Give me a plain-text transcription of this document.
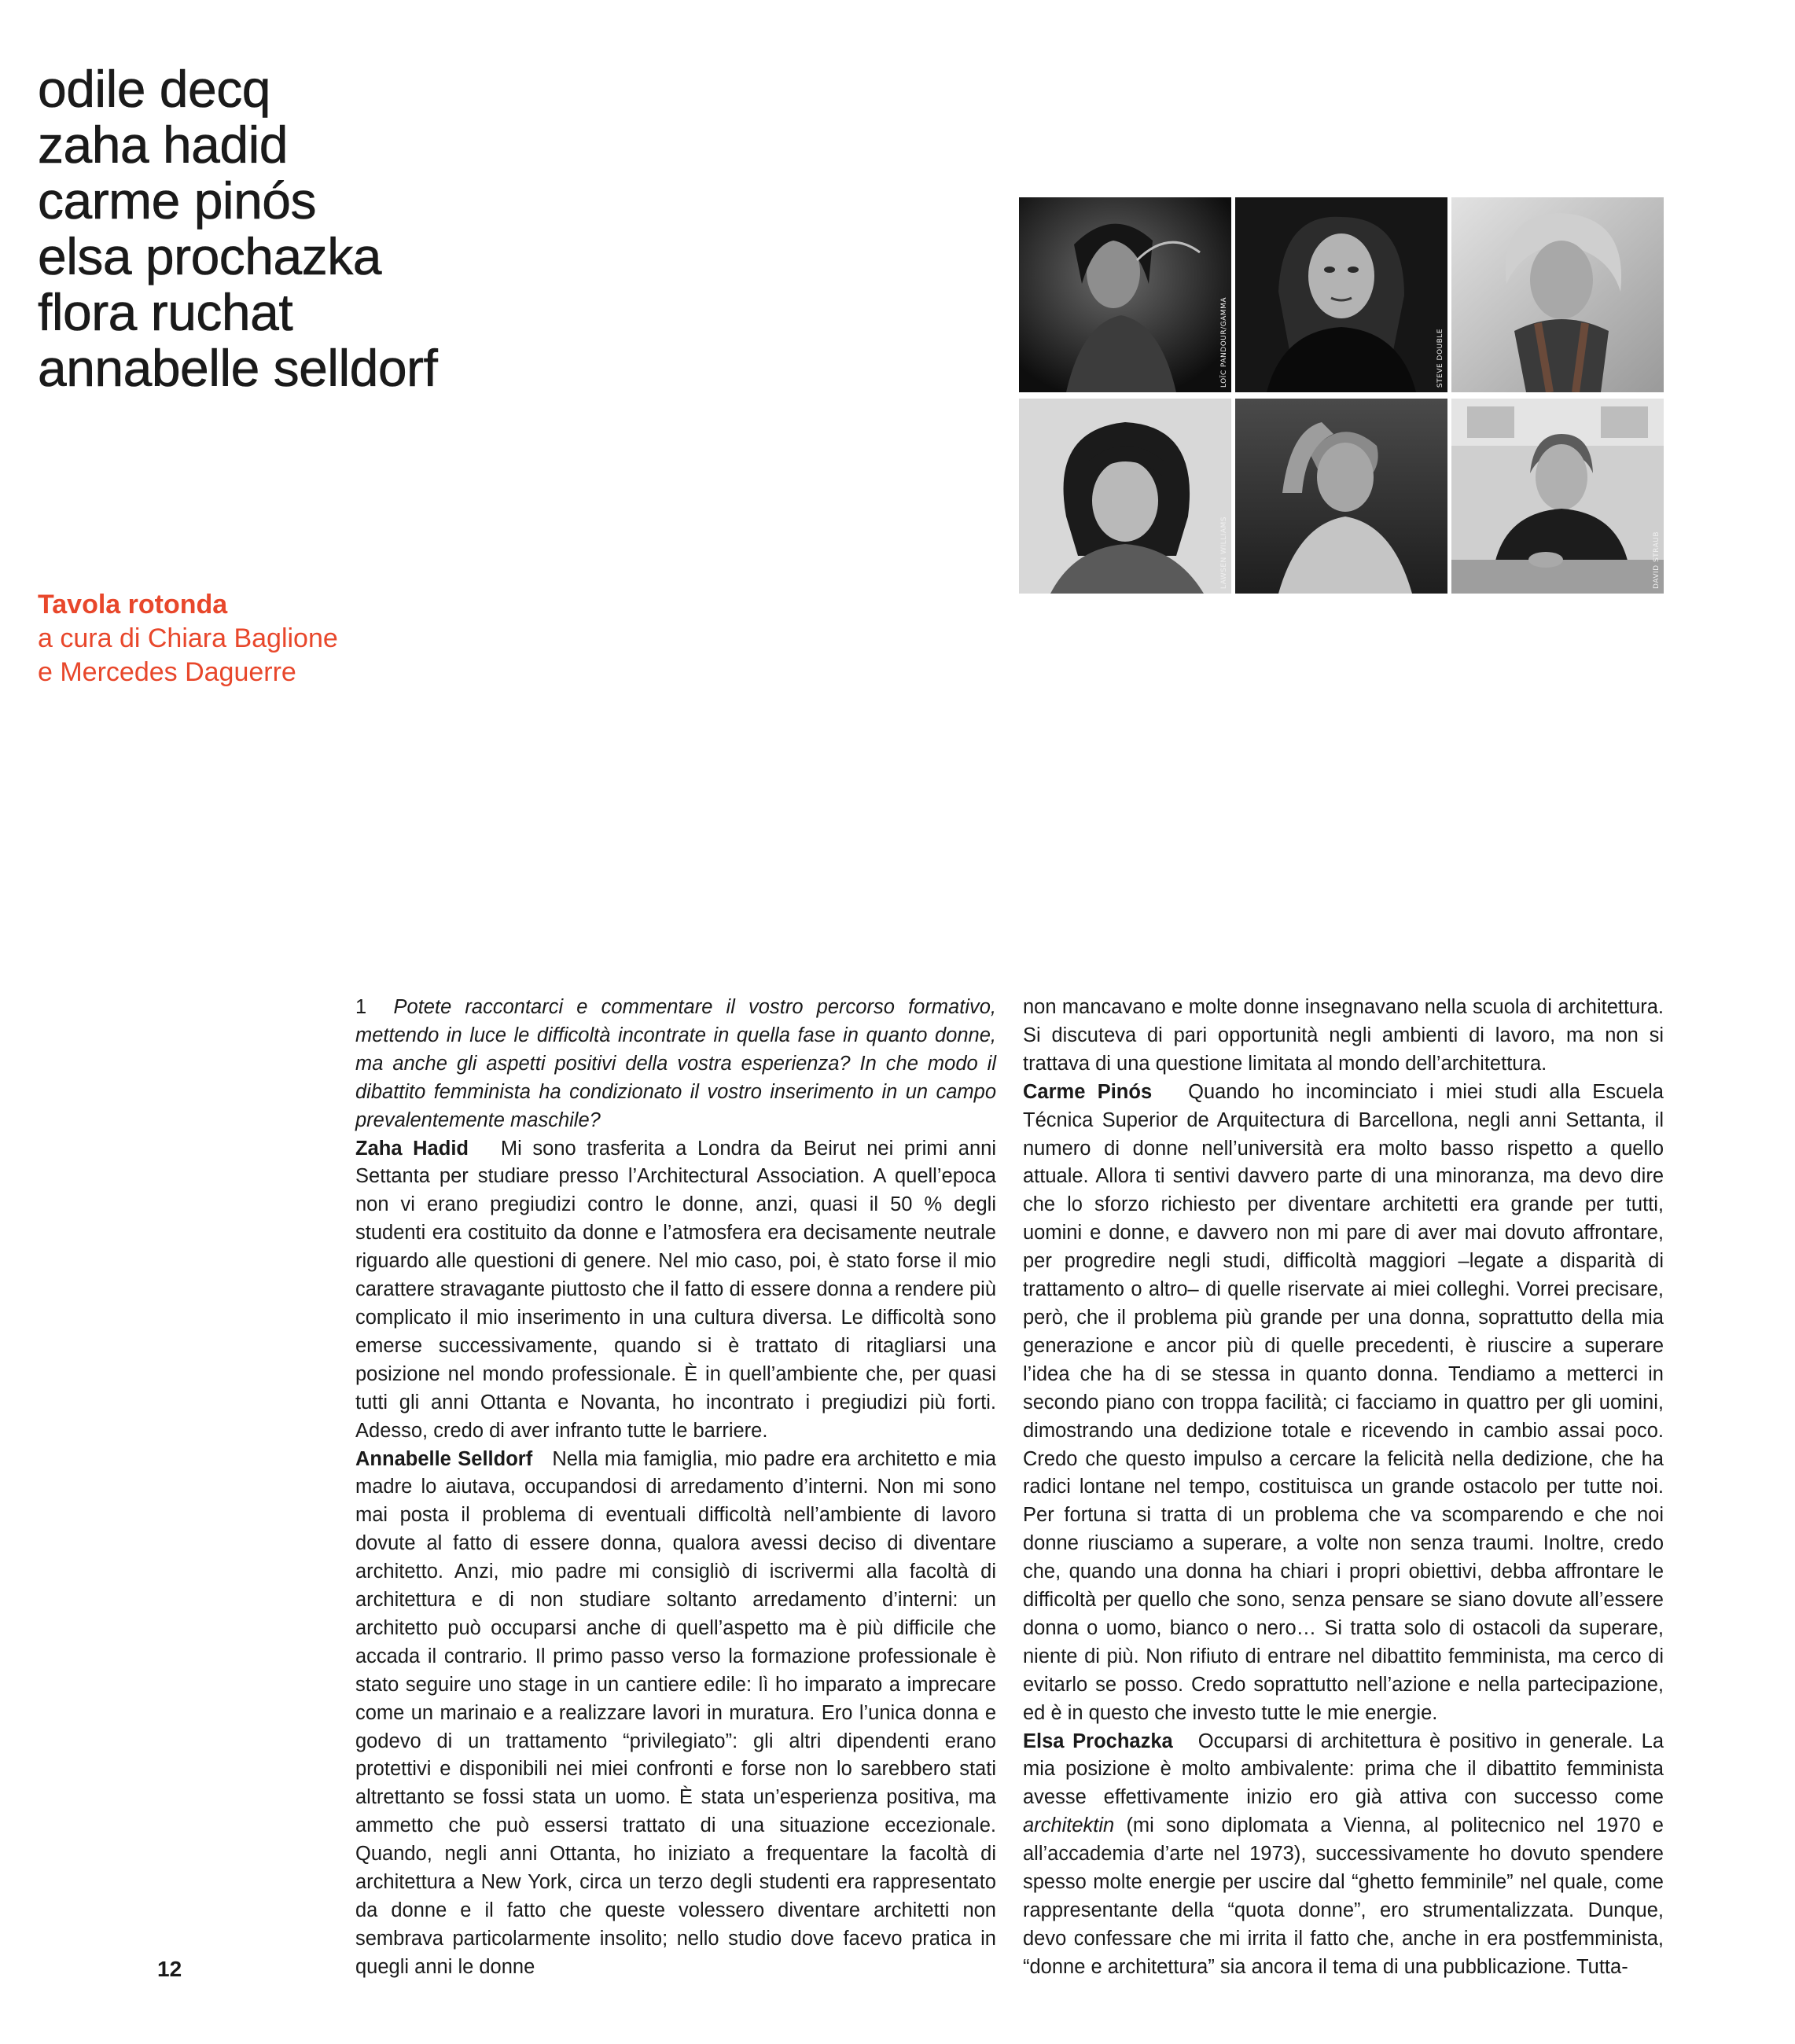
odile decq
zaha hadid
carme pinós
elsa prochazka
flora ruchat
annabelle selldorf
Tavola rotonda
a cura di Chiara Baglione
e Mercedes Daguerre
LOÏC PANDOUR/GAMMA	STEVE DOUBLE
LAWSEN WILLIAMS	DAVID STRAUB

1 Potete raccontarci e commentare il vostro percorso formativo, mettendo in luce le difficoltà incontrate in quella fase in quanto donne, ma anche gli aspetti positivi della vostra esperienza? In che modo il dibattito femminista ha condizionato il vostro inserimento in un campo prevalentemente maschile?

Zaha Hadid Mi sono trasferita a Londra da Beirut nei primi anni Settanta per studiare presso l’Architectural Association. A quell’epoca non vi erano pregiudizi contro le donne, anzi, quasi il 50 % degli studenti era costituito da donne e l’atmosfera era decisamente neutrale riguardo alle questioni di genere. Nel mio caso, poi, è stato forse il mio carattere stravagante piuttosto che il fatto di essere donna a rendere più complicato il mio inserimento in una cultura diversa. Le difficoltà sono emerse successivamente, quando si è trattato di ritagliarsi una posizione nel mondo professionale. È in quell’ambiente che, per quasi tutti gli anni Ottanta e Novanta, ho incontrato i pregiudizi più forti. Adesso, credo di aver infranto tutte le barriere.

Annabelle Selldorf Nella mia famiglia, mio padre era architetto e mia madre lo aiutava, occupandosi di arredamento d’interni. Non mi sono mai posta il problema di eventuali difficoltà nell’ambiente di lavoro dovute al fatto di essere donna, qualora avessi deciso di diventare architetto. Anzi, mio padre mi consigliò di iscrivermi alla facoltà di architettura e di non studiare soltanto arredamento d’interni: un architetto può occuparsi anche di quell’aspetto ma è più difficile che accada il contrario. Il primo passo verso la formazione professionale è stato seguire uno stage in un cantiere edile: lì ho imparato a imprecare come un marinaio e a realizzare lavori in muratura. Ero l’unica donna e godevo di un trattamento “privilegiato”: gli altri dipendenti erano protettivi e disponibili nei miei confronti e forse non lo sarebbero stati altrettanto se fossi stata un uomo. È stata un’esperienza positiva, ma ammetto che può essersi trattato di una situazione eccezionale. Quando, negli anni Ottanta, ho iniziato a frequentare la facoltà di architettura a New York, circa un terzo degli studenti era rappresentato da donne e il fatto che queste volessero diventare architetti non sembrava particolarmente insolito; nello studio dove facevo pratica in quegli anni le donne

non mancavano e molte donne insegnavano nella scuola di architettura. Si discuteva di pari opportunità negli ambienti di lavoro, ma non si trattava di una questione limitata al mondo dell’architettura.

Carme Pinós Quando ho incominciato i miei studi alla Escuela Técnica Superior de Arquitectura di Barcellona, negli anni Settanta, il numero di donne nell’università era molto basso rispetto a quello attuale. Allora ti sentivi davvero parte di una minoranza, ma devo dire che lo sforzo richiesto per diventare architetti era grande per tutti, uomini e donne, e davvero non mi pare di aver mai dovuto affrontare, per progredire negli studi, difficoltà maggiori –legate a disparità di trattamento o altro– di quelle riservate ai miei colleghi. Vorrei precisare, però, che il problema più grande per una donna, soprattutto della mia generazione e ancor più di quelle precedenti, è riuscire a superare l’idea che ha di se stessa in quanto donna. Tendiamo a metterci in secondo piano con troppa facilità; ci facciamo in quattro per gli uomini, dimostrando una dedizione totale e ricevendo in cambio assai poco. Credo che questo impulso a cercare la felicità nella dedizione, che ha radici lontane nel tempo, costituisca un grande ostacolo per tutte noi. Per fortuna si tratta di un problema che va scomparendo e che noi donne riusciamo a superare, a volte non senza traumi. Inoltre, credo che, quando una donna ha chiari i propri obiettivi, debba affrontare le difficoltà per quello che sono, senza pensare se siano dovute all’essere donna o uomo, bianco o nero… Si tratta solo di ostacoli da superare, niente di più. Non rifiuto di entrare nel dibattito femminista, ma cerco di evitarlo se posso. Credo soprattutto nell’azione e nella partecipazione, ed è in questo che investo tutte le mie energie.

Elsa Prochazka Occuparsi di architettura è positivo in generale. La mia posizione è molto ambivalente: prima che il dibattito femminista avesse effettivamente inizio ero già attiva con successo come architektin (mi sono diplomata a Vienna, al politecnico nel 1970 e all’accademia d’arte nel 1973), successivamente ho dovuto spendere spesso molte energie per uscire dal “ghetto femminile” nel quale, come rappresentante della “quota donne”, ero strumentalizzata. Dunque, devo confessare che mi irrita il fatto che, anche in era postfemminista, “donne e architettura” sia ancora il tema di una pubblicazione. Tutta-

12
